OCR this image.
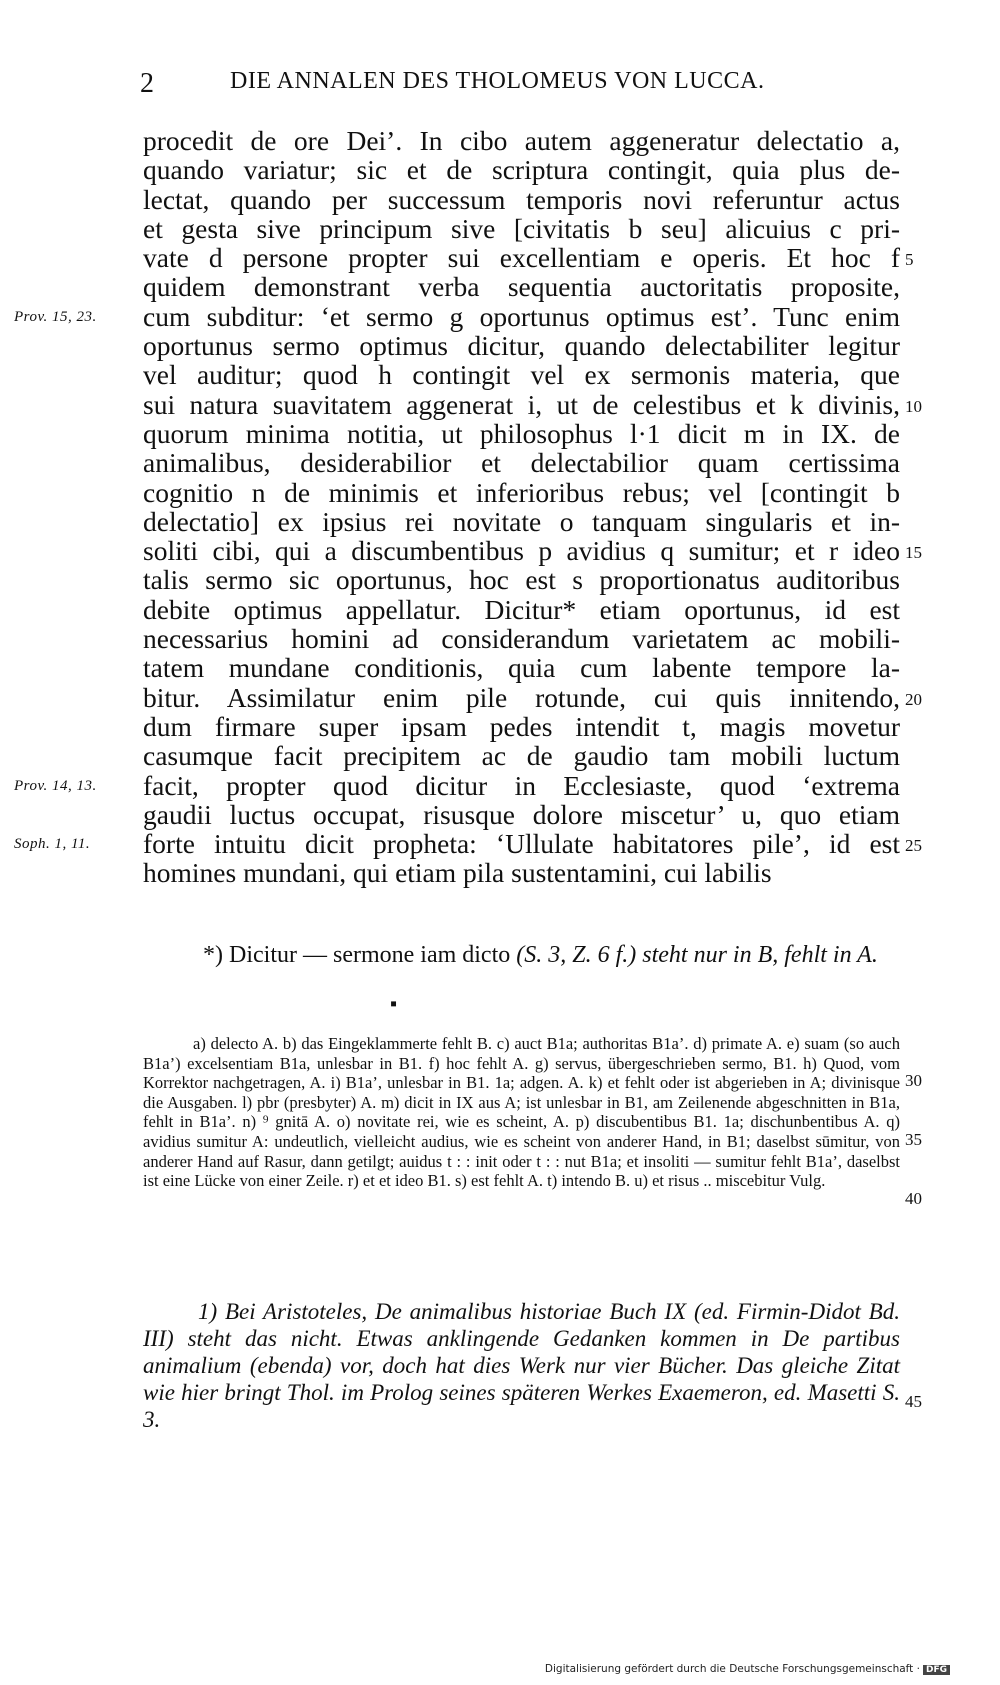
2	DIE ANNALEN DES THOLOMEUS VON LUCCA.
procedit de ore Dei’. In cibo autem aggeneratur delectatio a,
quando variatur; sic et de scriptura contingit, quia plus de-
lectat, quando per successum temporis novi referuntur actus
et gesta sive principum sive [civitatis b seu] alicuius c pri-
vate d persone propter sui excellentiam e operis. Et hoc f
quidem demonstrant verba sequentia auctoritatis proposite,
cum subditur: ‘et sermo g oportunus optimus est’. Tunc enim
oportunus sermo optimus dicitur, quando delectabiliter legitur
vel auditur; quod h contingit vel ex sermonis materia, que
sui natura suavitatem aggenerat i, ut de celestibus et k divinis,
quorum minima notitia, ut philosophus l·1 dicit m in IX. de
animalibus, desiderabilior et delectabilior quam certissima
cognitio n de minimis et inferioribus rebus; vel [contingit b
delectatio] ex ipsius rei novitate o tanquam singularis et in-
soliti cibi, qui a discumbentibus p avidius q sumitur; et r ideo
talis sermo sic oportunus, hoc est s proportionatus auditoribus
debite optimus appellatur. Dicitur* etiam oportunus, id est
necessarius homini ad considerandum varietatem ac mobili-
tatem mundane conditionis, quia cum labente tempore la-
bitur. Assimilatur enim pile rotunde, cui quis innitendo,
dum firmare super ipsam pedes intendit t, magis movetur
casumque facit precipitem ac de gaudio tam mobili luctum
facit, propter quod dicitur in Ecclesiaste, quod ‘extrema
gaudii luctus occupat, risusque dolore miscetur’ u, quo etiam
forte intuitu dicit propheta: ‘Ullulate habitatores pile’, id est
homines mundani, qui etiam pila sustentamini, cui labilis
Prov. 15, 23.
Prov. 14, 13.
Soph. 1, 11.
5
10
15
20
25

*) Dicitur — sermone iam dicto (S. 3, Z. 6 f.) steht nur in B, fehlt in A.

▪

a) delecto A. b) das Eingeklammerte fehlt B. c) auct B1a; authoritas B1a’. d) primate A. e) suam (so auch B1a’) excelsentiam B1a, unlesbar in B1. f) hoc fehlt A. g) servus, übergeschrieben sermo, B1. h) Quod, vom Korrektor nachgetragen, A. i) B1a’, unlesbar in B1. 1a; adgen. A. k) et fehlt oder ist abgerieben in A; divinisque die Ausgaben. l) pbr (presbyter) A. m) dicit in IX aus A; ist unlesbar in B1, am Zeilenende abgeschnitten in B1a, fehlt in B1a’. n) ⁹ gnitā A. o) novitate rei, wie es scheint, A. p) discubentibus B1. 1a; dischunbentibus A. q) avidius sumitur A: undeutlich, vielleicht audius, wie es scheint von anderer Hand, in B1; daselbst sūmitur, von anderer Hand auf Rasur, dann getilgt; auidus t : : init oder t : : nut B1a; et insoliti — sumitur fehlt B1a’, daselbst ist eine Lücke von einer Zeile. r) et et ideo B1. s) est fehlt A. t) intendo B. u) et risus .. miscebitur Vulg.

30
35
40

1) Bei Aristoteles, De animalibus historiae Buch IX (ed. Firmin-Didot Bd. III) steht das nicht. Etwas anklingende Gedanken kommen in De partibus animalium (ebenda) vor, doch hat dies Werk nur vier Bücher. Das gleiche Zitat wie hier bringt Thol. im Prolog seines späteren Werkes Exaemeron, ed. Masetti S. 3.

45
Digitalisierung gefördert durch die Deutsche Forschungsgemeinschaft · DFG
